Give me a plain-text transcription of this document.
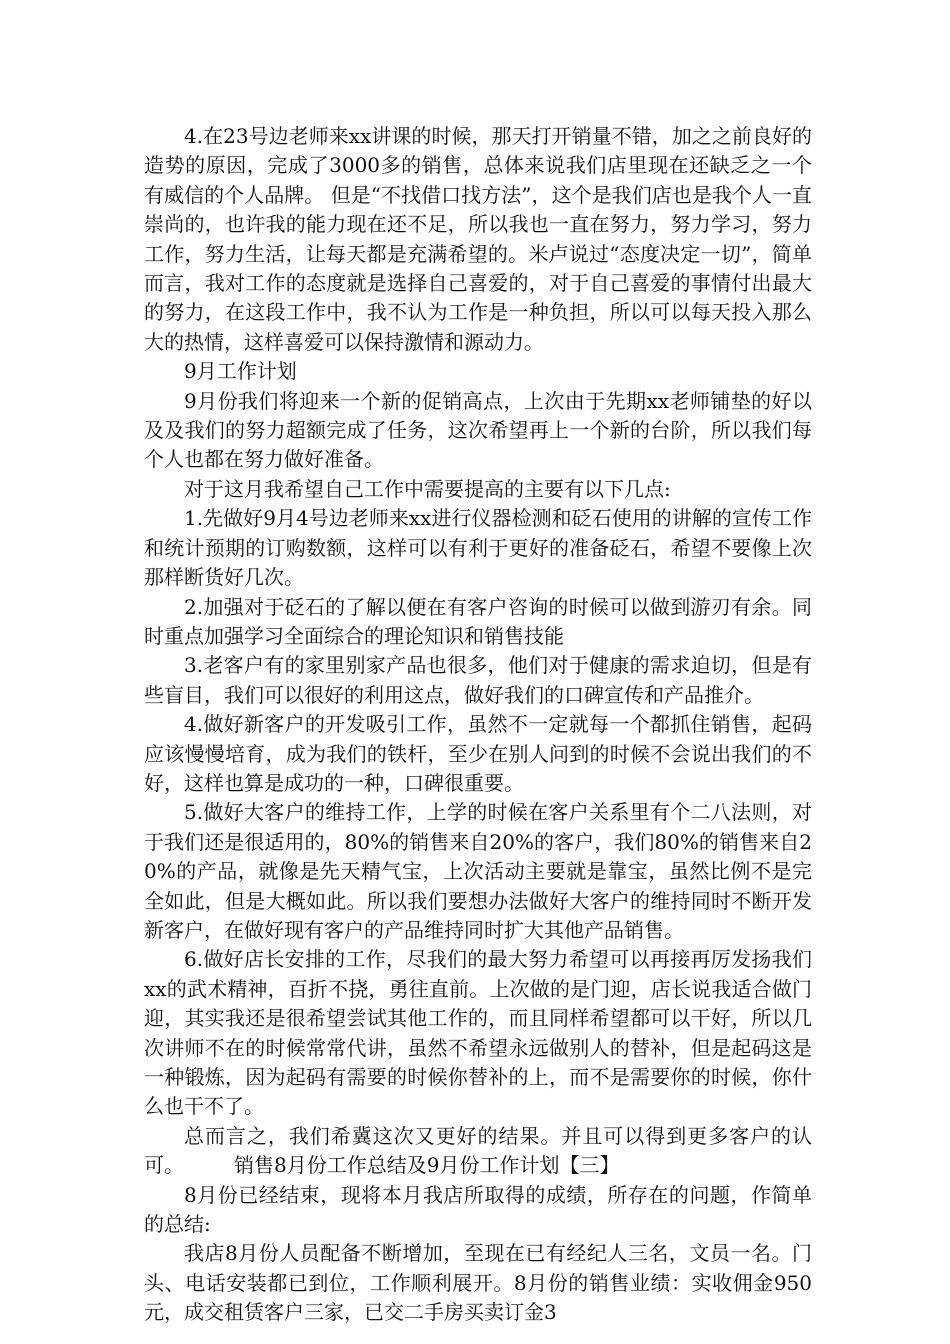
4.在23号边老师来xx讲课的时候，那天打开销量不错，加之之前良好的造势的原因，完成了3000多的销售，总体来说我们店里现在还缺乏之一个有威信的个人品牌。 但是“不找借口找方法”，这个是我们店也是我个人一直崇尚的，也许我的能力现在还不足，所以我也一直在努力，努力学习，努力工作，努力生活，让每天都是充满希望的。米卢说过“态度决定一切”，简单而言，我对工作的态度就是选择自己喜爱的，对于自己喜爱的事情付出最大的努力，在这段工作中，我不认为工作是一种负担，所以可以每天投入那么大的热情，这样喜爱可以保持激情和源动力。

9月工作计划

9月份我们将迎来一个新的促销高点，上次由于先期xx老师铺垫的好以及及我们的努力超额完成了任务，这次希望再上一个新的台阶，所以我们每个人也都在努力做好准备。

对于这月我希望自己工作中需要提高的主要有以下几点:

1.先做好9月4号边老师来xx进行仪器检测和砭石使用的讲解的宣传工作和统计预期的订购数额，这样可以有利于更好的准备砭石，希望不要像上次那样断货好几次。

2.加强对于砭石的了解以便在有客户咨询的时候可以做到游刃有余。同时重点加强学习全面综合的理论知识和销售技能

3.老客户有的家里别家产品也很多，他们对于健康的需求迫切，但是有些盲目，我们可以很好的利用这点，做好我们的口碑宣传和产品推介。

4.做好新客户的开发吸引工作，虽然不一定就每一个都抓住销售，起码应该慢慢培育，成为我们的铁杆，至少在别人问到的时候不会说出我们的不好，这样也算是成功的一种，口碑很重要。

5.做好大客户的维持工作，上学的时候在客户关系里有个二八法则，对于我们还是很适用的，80%的销售来自20%的客户，我们80%的销售来自20%的产品，就像是先天精气宝，上次活动主要就是靠宝，虽然比例不是完全如此，但是大概如此。所以我们要想办法做好大客户的维持同时不断开发新客户，在做好现有客户的产品维持同时扩大其他产品销售。

6.做好店长安排的工作，尽我们的最大努力希望可以再接再厉发扬我们xx的武术精神，百折不挠，勇往直前。上次做的是门迎，店长说我适合做门迎，其实我还是很希望尝试其他工作的，而且同样希望都可以干好，所以几次讲师不在的时候常常代讲，虽然不希望永远做别人的替补，但是起码这是一种锻炼，因为起码有需要的时候你替补的上，而不是需要你的时候，你什么也干不了。

总而言之，我们希冀这次又更好的结果。并且可以得到更多客户的认可。　　　销售8月份工作总结及9月份工作计划【三】

8月份已经结束，现将本月我店所取得的成绩，所存在的问题，作简单的总结:

我店8月份人员配备不断增加，至现在已有经纪人三名，文员一名。门头、电话安装都已到位，工作顺利展开。8月份的销售业绩：实收佣金950元，成交租赁客户三家，已交二手房买卖订金3
